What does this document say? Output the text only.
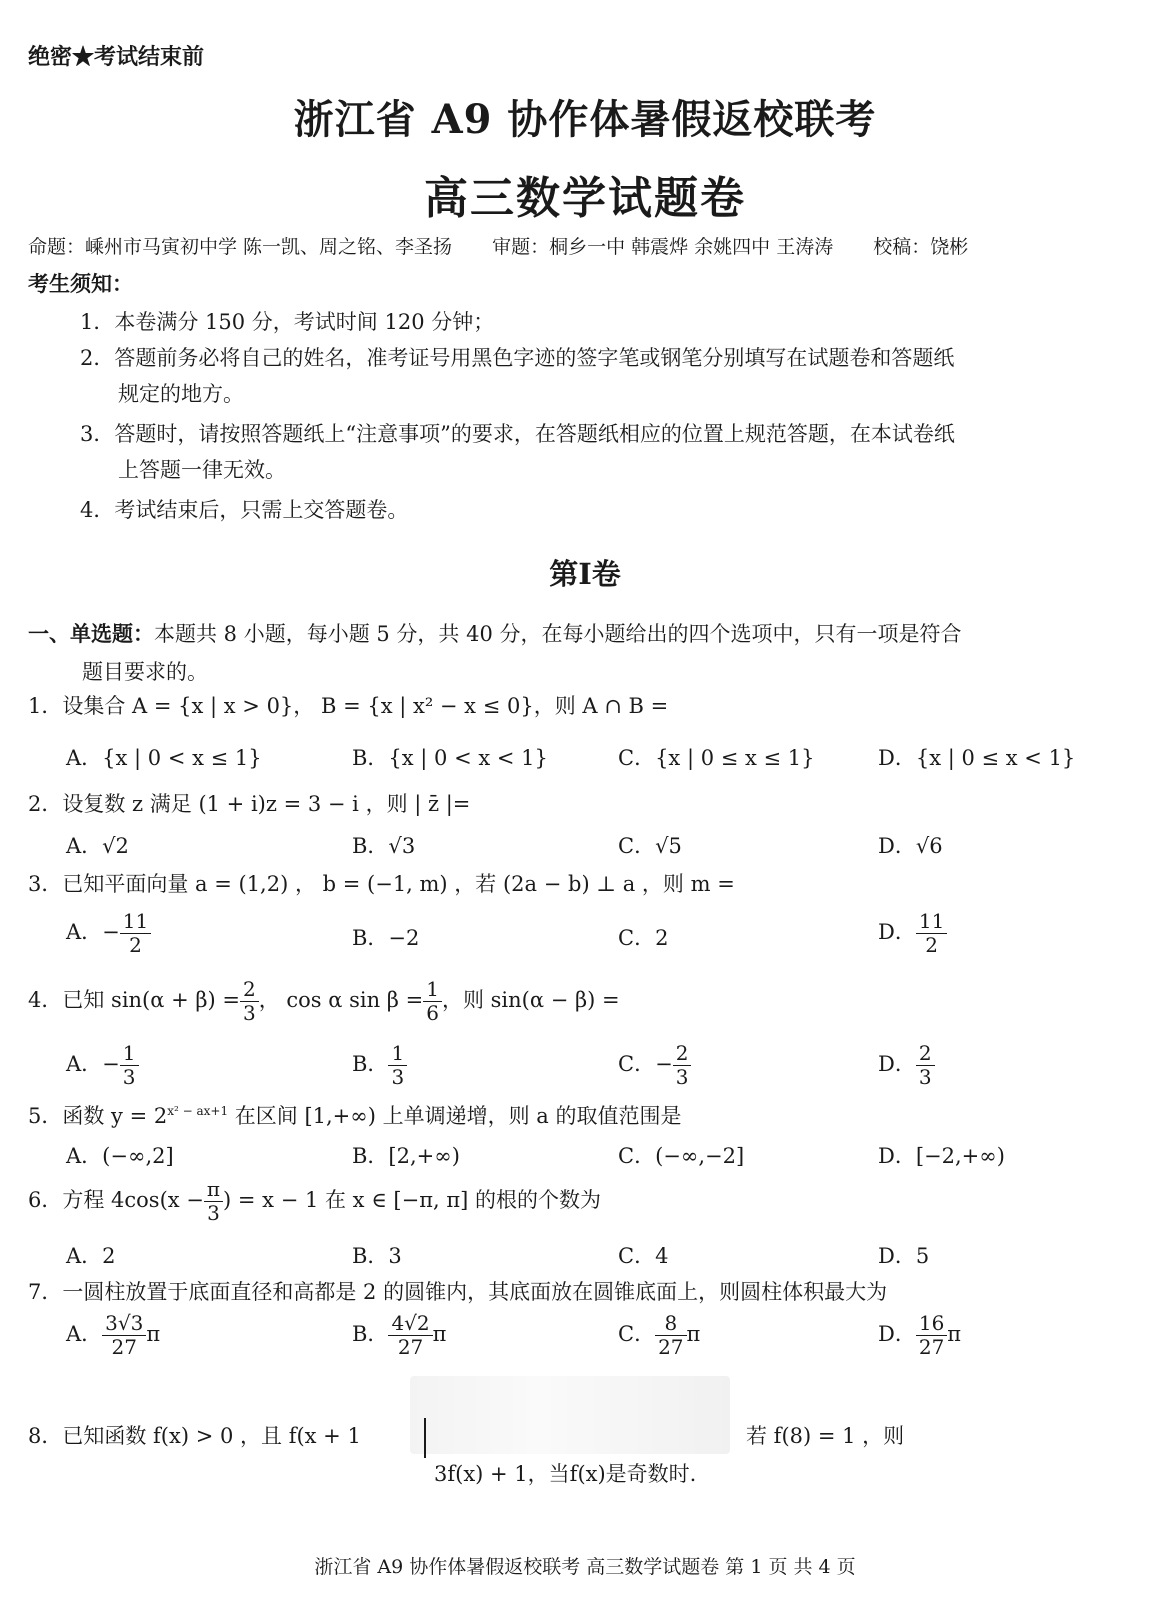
绝密★考试结束前
浙江省 A9 协作体暑假返校联考
高三数学试题卷
命题：嵊州市马寅初中学 陈一凯、周之铭、李圣扬 审题：桐乡一中 韩震烨 余姚四中 王涛涛 校稿：饶彬
考生须知：
1．本卷满分 150 分，考试时间 120 分钟；
2．答题前务必将自己的姓名，准考证号用黑色字迹的签字笔或钢笔分别填写在试题卷和答题纸
规定的地方。
3．答题时，请按照答题纸上“注意事项”的要求，在答题纸相应的位置上规范答题，在本试卷纸
上答题一律无效。
4．考试结束后，只需上交答题卷。
第Ⅰ卷
一、单选题：本题共 8 小题，每小题 5 分，共 40 分，在每小题给出的四个选项中，只有一项是符合
题目要求的。
1．设集合 A = {x | x > 0}， B = {x | x² − x ≤ 0}，则 A ∩ B =
A．{x | 0 < x ≤ 1}	B．{x | 0 < x < 1}	C．{x | 0 ≤ x ≤ 1}	D．{x | 0 ≤ x < 1}
2．设复数 z 满足 (1 + i)z = 3 − i ，则 | z̄ |=
A．√2	B．√3	C．√5	D．√6
3．已知平面向量 a = (1,2) ， b = (−1, m) ，若 (2a − b) ⊥ a ，则 m =
A．− $\frac{11}{2}$	B．−2	C．2	D． $\frac{11}{2}$
4．已知 $\sin(\alpha + \beta) = \frac{2}{3}$ ， cos α $\sin \beta = \frac{1}{6}$ ，则 sin(α − β) =
A．− $\frac{1}{3}$	B． $\frac{1}{3}$	C．− $\frac{2}{3}$	D． $\frac{2}{3}$
5．函数 $y = 2^{x^2 - ax+1}$ 在区间 [1,+∞) 上单调递增，则 a 的取值范围是
A．(−∞,2]	B．[2,+∞)	C．(−∞,−2]	D．[−2,+∞)
6．方程 $4\cos(x - \frac{\pi}{3}$ ) = x − 1 在 x ∈ [−π, π] 的根的个数为
A．2	B．3	C．4	D．5
7．一圆柱放置于底面直径和高都是 2 的圆锥内，其底面放在圆锥底面上，则圆柱体积最大为
A． $\frac{3√3}{27}$ π	B． $\frac{4√2}{27}$ π	C． $\frac{8}{27}$ π	D． $\frac{16}{27}$ π
8．已知函数 f(x) > 0 ，且 f(x + 1	若 f(8) = 1 ，则
3f(x) + 1，当f(x)是奇数时.
浙江省 A9 协作体暑假返校联考 高三数学试题卷 第 1 页 共 4 页
